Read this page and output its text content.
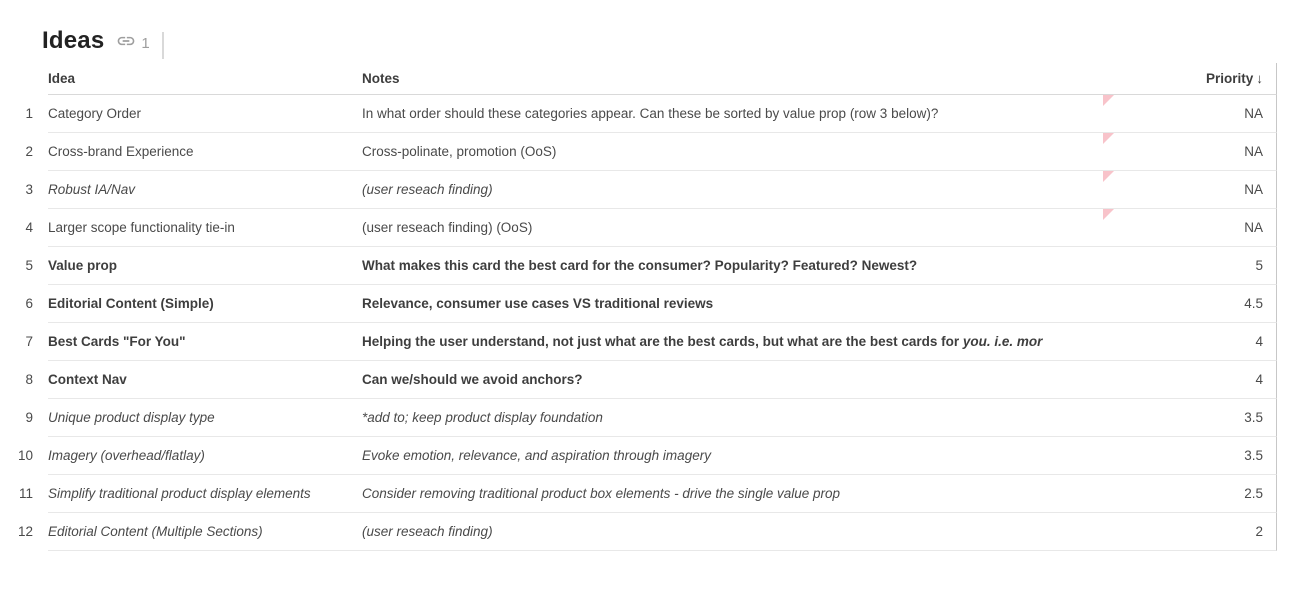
Ideas 1
Idea	Notes	Priority ↓
1	Category Order	In what order should these categories appear. Can these be sorted by value prop (row 3 below)?	NA
2	Cross-brand Experience	Cross-polinate, promotion (OoS)	NA
3	Robust IA/Nav	(user reseach finding)	NA
4	Larger scope functionality tie-in	(user reseach finding) (OoS)	NA
5	Value prop	What makes this card the best card for the consumer? Popularity? Featured? Newest?	5
6	Editorial Content (Simple)	Relevance, consumer use cases VS traditional reviews	4.5
7	Best Cards "For You"	Helping the user understand, not just what are the best cards, but what are the best cards for you. i.e. mor	4
8	Context Nav	Can we/should we avoid anchors?	4
9	Unique product display type	*add to; keep product display foundation	3.5
10	Imagery (overhead/flatlay)	Evoke emotion, relevance, and aspiration through imagery	3.5
11	Simplify traditional product display elements	Consider removing traditional product box elements - drive the single value prop	2.5
12	Editorial Content (Multiple Sections)	(user reseach finding)	2
